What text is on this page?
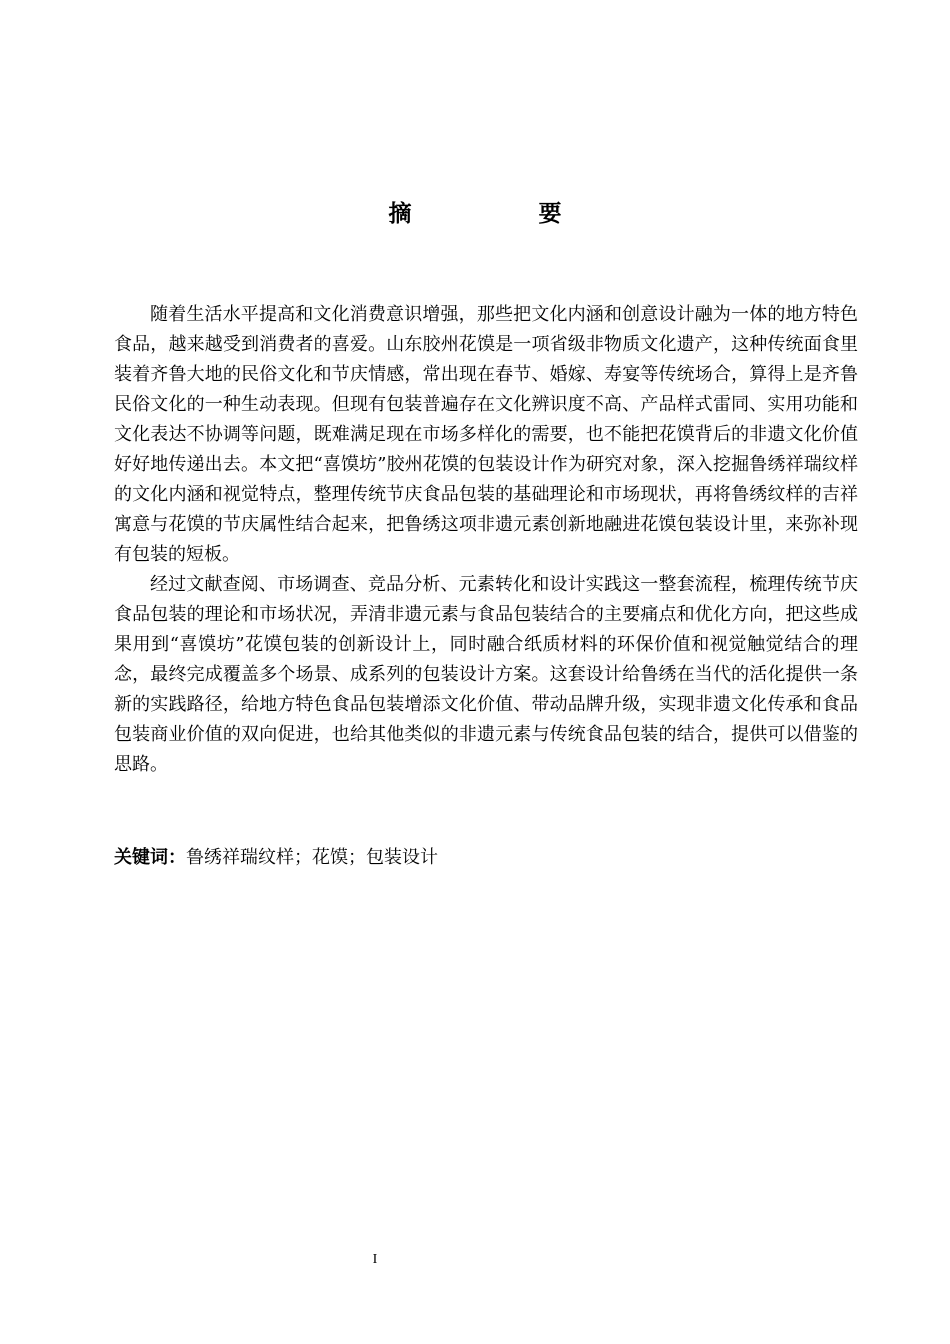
摘　要

随着生活水平提高和文化消费意识增强，那些把文化内涵和创意设计融为一体的地方特色食品，越来越受到消费者的喜爱。山东胶州花馍是一项省级非物质文化遗产，这种传统面食里装着齐鲁大地的民俗文化和节庆情感，常出现在春节、婚嫁、寿宴等传统场合，算得上是齐鲁民俗文化的一种生动表现。但现有包装普遍存在文化辨识度不高、产品样式雷同、实用功能和文化表达不协调等问题，既难满足现在市场多样化的需要，也不能把花馍背后的非遗文化价值好好地传递出去。本文把“喜馍坊”胶州花馍的包装设计作为研究对象，深入挖掘鲁绣祥瑞纹样的文化内涵和视觉特点，整理传统节庆食品包装的基础理论和市场现状，再将鲁绣纹样的吉祥寓意与花馍的节庆属性结合起来，把鲁绣这项非遗元素创新地融进花馍包装设计里，来弥补现有包装的短板。

经过文献查阅、市场调查、竞品分析、元素转化和设计实践这一整套流程，梳理传统节庆食品包装的理论和市场状况，弄清非遗元素与食品包装结合的主要痛点和优化方向，把这些成果用到“喜馍坊”花馍包装的创新设计上，同时融合纸质材料的环保价值和视觉触觉结合的理念，最终完成覆盖多个场景、成系列的包装设计方案。这套设计给鲁绣在当代的活化提供一条新的实践路径，给地方特色食品包装增添文化价值、带动品牌升级，实现非遗文化传承和食品包装商业价值的双向促进，也给其他类似的非遗元素与传统食品包装的结合，提供可以借鉴的思路。

关键词：鲁绣祥瑞纹样；花馍；包装设计
I
